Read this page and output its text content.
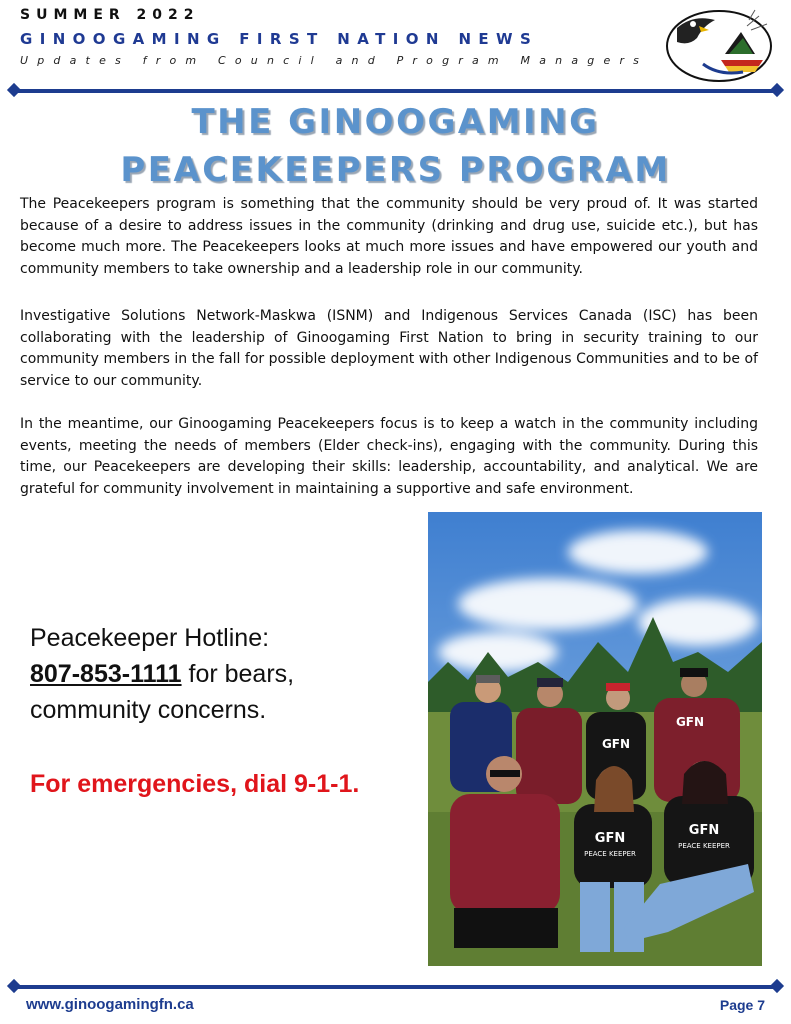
SUMMER 2022
GINOOGAMING FIRST NATION NEWS
Updates from Council and Program Managers
THE GINOOGAMING
PEACEKEEPERS PROGRAM
The Peacekeepers program is something that the community should be very proud of. It was started because of a desire to address issues in the community (drinking and drug use, suicide etc.), but has become much more. The Peacekeepers looks at much more issues and have empowered our youth and community members to take ownership and a leadership role in our community.
Investigative Solutions Network-Maskwa (ISNM) and Indigenous Services Canada (ISC) has been collaborating with the leadership of Ginoogaming First Nation to bring in security training to our community members in the fall for possible deployment with other Indigenous Communities and to be of service to our community.
In the meantime, our Ginoogaming Peacekeepers focus is to keep a watch in the community including events, meeting the needs of members (Elder check-ins), engaging with the community. During this time, our Peacekeepers are developing their skills: leadership, accountability, and analytical. We are grateful for community involvement in maintaining a supportive and safe environment.
Peacekeeper Hotline:
807-853-1111 for bears,
community concerns.
For emergencies, dial 9-1-1.
GFN
GFN
GFN
PEACE KEEPER
GFN
PEACE KEEPER
www.ginoogamingfn.ca	Page 7
